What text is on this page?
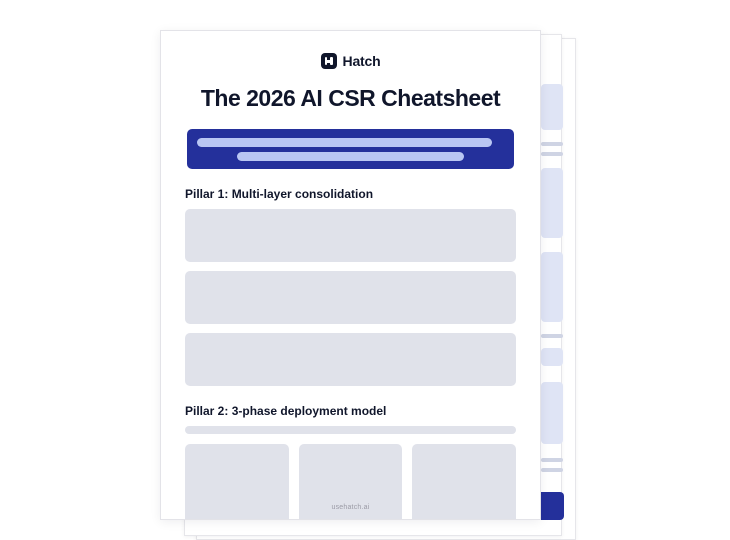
Hatch
The 2026 AI CSR Cheatsheet
Pillar 1: Multi-layer consolidation
Pillar 2: 3-phase deployment model
usehatch.ai
